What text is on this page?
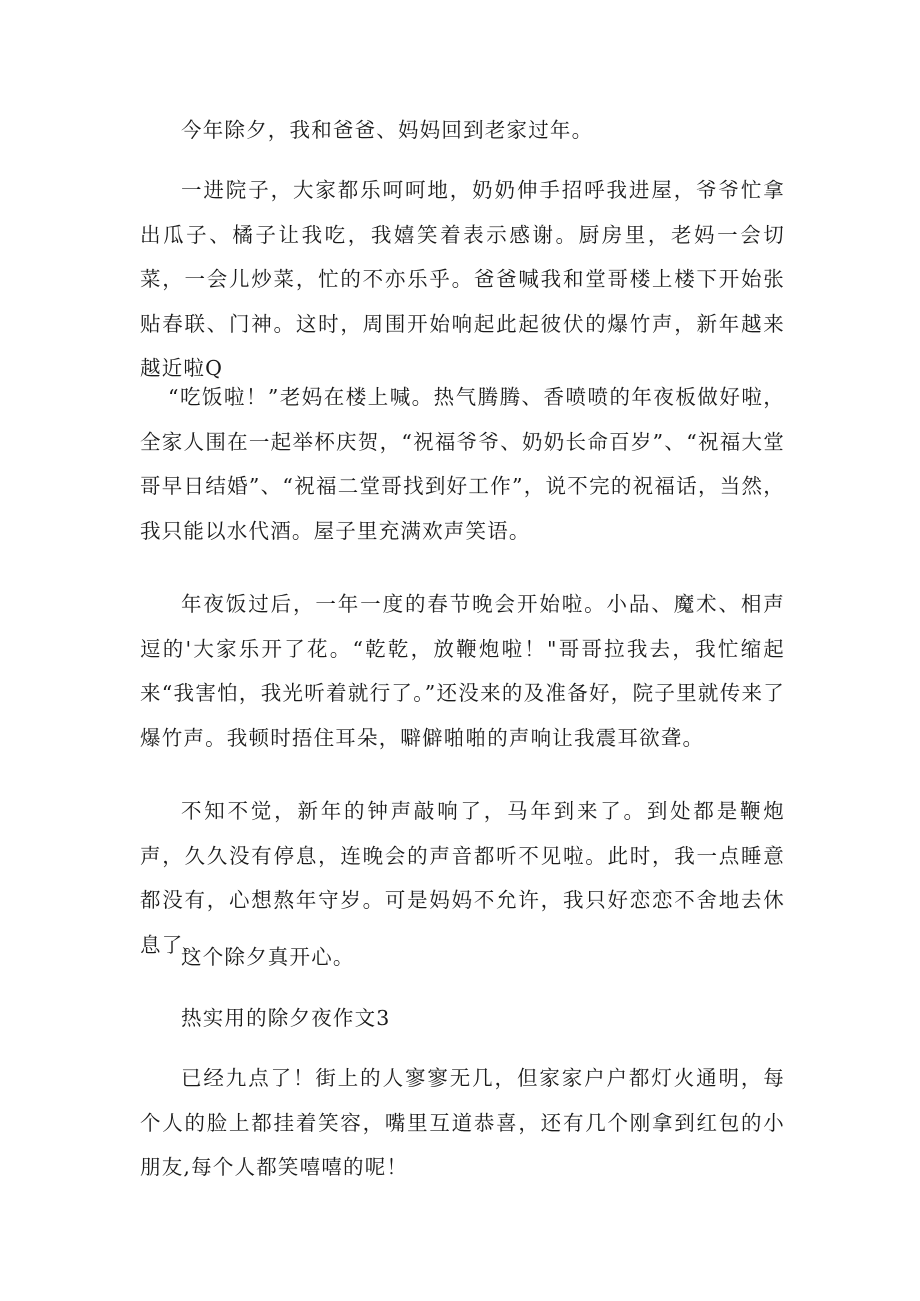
今年除夕，我和爸爸、妈妈回到老家过年。

一进院子，大家都乐呵呵地，奶奶伸手招呼我进屋，爷爷忙拿出瓜子、橘子让我吃，我嬉笑着表示感谢。厨房里，老妈一会切菜，一会儿炒菜，忙的不亦乐乎。爸爸喊我和堂哥楼上楼下开始张贴春联、门神。这时，周围开始响起此起彼伏的爆竹声，新年越来越近啦Q

“吃饭啦！”老妈在楼上喊。热气腾腾、香喷喷的年夜板做好啦，全家人围在一起举杯庆贺，“祝福爷爷、奶奶长命百岁”、“祝福大堂哥早日结婚”、“祝福二堂哥找到好工作”，说不完的祝福话，当然，我只能以水代酒。屋子里充满欢声笑语。

年夜饭过后，一年一度的春节晚会开始啦。小品、魔术、相声逗的'大家乐开了花。“乾乾，放鞭炮啦！"哥哥拉我去，我忙缩起来“我害怕，我光听着就行了。”还没来的及准备好，院子里就传来了爆竹声。我顿时捂住耳朵，噼僻啪啪的声响让我震耳欲聋。

不知不觉，新年的钟声敲响了，马年到来了。到处都是鞭炮声，久久没有停息，连晚会的声音都听不见啦。此时，我一点睡意都没有，心想熬年守岁。可是妈妈不允许，我只好恋恋不舍地去休息了。

这个除夕真开心。

热实用的除夕夜作文3

已经九点了！街上的人寥寥无几，但家家户户都灯火通明，每个人的脸上都挂着笑容，嘴里互道恭喜，还有几个刚拿到红包的小朋友,每个人都笑嘻嘻的呢！
